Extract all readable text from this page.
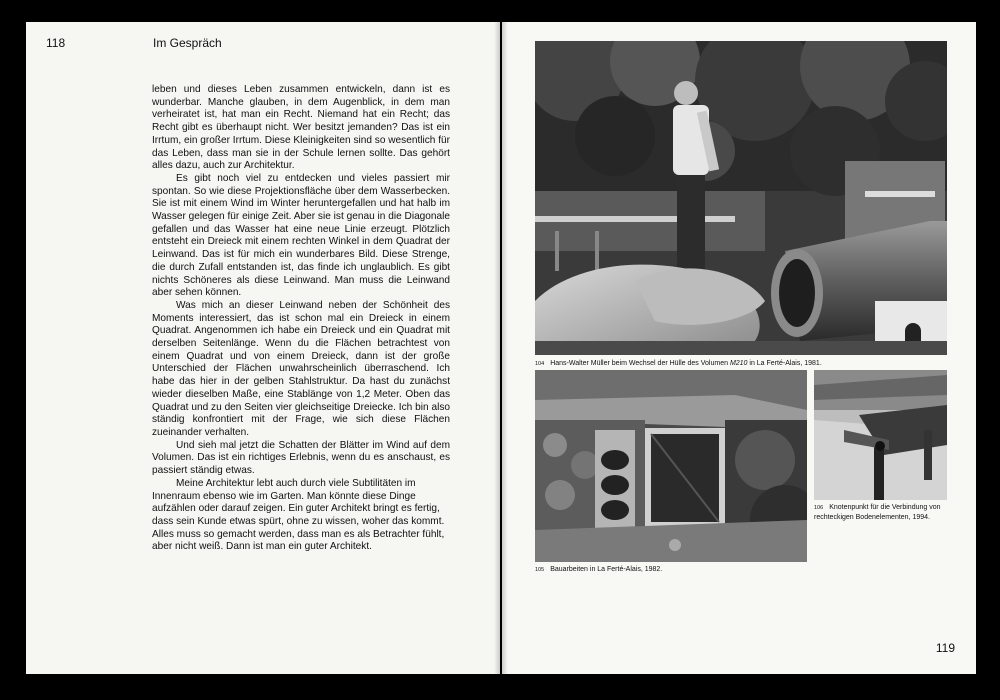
118	Im Gespräch

leben und dieses Leben zusammen entwickeln, dann ist es wunderbar. Manche glauben, in dem Augenblick, in dem man verheiratet ist, hat man ein Recht. Niemand hat ein Recht; das Recht gibt es überhaupt nicht. Wer besitzt jemanden? Das ist ein Irrtum, ein großer Irrtum. Diese Kleinigkeiten sind so wesentlich für das Leben, dass man sie in der Schule lernen sollte. Das gehört alles dazu, auch zur Architektur.

Es gibt noch viel zu entdecken und vieles passiert mir spontan. So wie diese Projektionsfläche über dem Wasserbecken. Sie ist mit einem Wind im Winter heruntergefallen und hat halb im Wasser gelegen für einige Zeit. Aber sie ist genau in die Diagonale gefallen und das Wasser hat eine neue Linie erzeugt. Plötzlich entsteht ein Dreieck mit einem rechten Winkel in dem Quadrat der Leinwand. Das ist für mich ein wunderbares Bild. Diese Strenge, die durch Zufall entstanden ist, das finde ich unglaublich. Es gibt nichts Schöneres als diese Leinwand. Man muss die Leinwand aber sehen können.

Was mich an dieser Leinwand neben der Schönheit des Moments interessiert, das ist schon mal ein Dreieck in einem Quadrat. Angenommen ich habe ein Dreieck und ein Quadrat mit derselben Seitenlänge. Wenn du die Flächen betrachtest von einem Quadrat und von einem Dreieck, dann ist der große Unterschied der Flächen unwahrscheinlich überraschend. Ich habe das hier in der gelben Stahlstruktur. Da hast du zunächst wieder dieselben Maße, eine Stablänge von 1,2 Meter. Oben das Quadrat und zu den Seiten vier gleichseitige Dreiecke. Ich bin also ständig konfrontiert mit der Frage, wie sich diese Flächen zueinander verhalten.

Und sieh mal jetzt die Schatten der Blätter im Wind auf dem Volumen. Das ist ein richtiges Erlebnis, wenn du es anschaust, es passiert ständig etwas.

Meine Architektur lebt auch durch viele Subtilitäten im Innenraum ebenso wie im Garten. Man könnte diese Dinge aufzählen oder darauf zeigen. Ein guter Architekt bringt es fertig, dass sein Kunde etwas spürt, ohne zu wissen, woher das kommt. Alles muss so gemacht werden, dass man es als Betrachter fühlt, aber nicht weiß. Dann ist man ein guter Architekt.

104 Hans-Walter Müller beim Wechsel der Hülle des Volumen M210 in La Ferté-Alais, 1981.
105 Bauarbeiten in La Ferté-Alais, 1982.
106 Knotenpunkt für die Verbindung von rechteckigen Bodenelementen, 1994.
119
